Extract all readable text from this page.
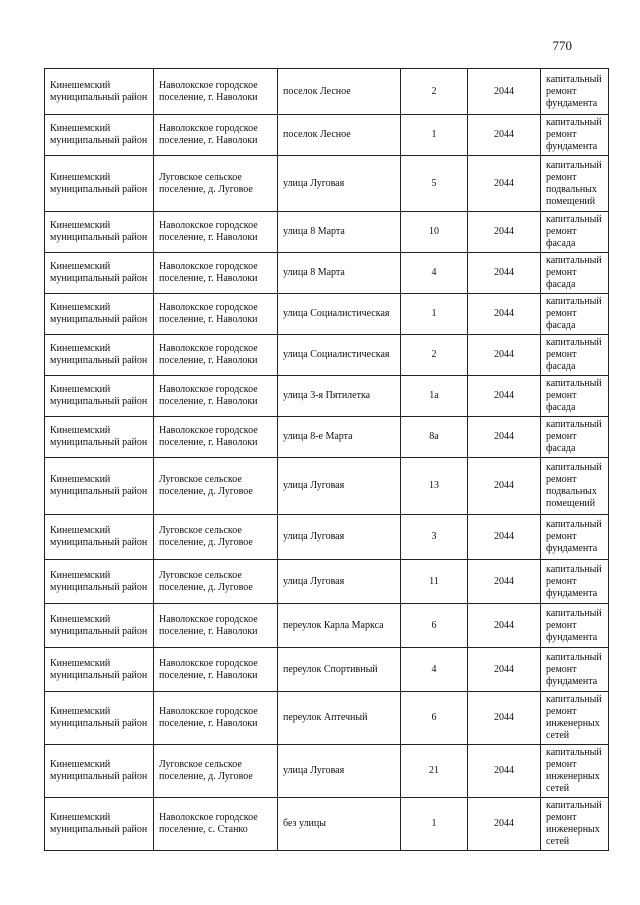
770
Кинешемский муниципальный район	Наволокское городское поселение, г. Наволоки	поселок Лесное	2	2044	капитальный ремонт фундамента
Кинешемский муниципальный район	Наволокское городское поселение, г. Наволоки	поселок Лесное	1	2044	капитальный ремонт фундамента
Кинешемский муниципальный район	Луговское сельское поселение, д. Луговое	улица Луговая	5	2044	капитальный ремонт подвальных помещений
Кинешемский муниципальный район	Наволокское городское поселение, г. Наволоки	улица 8 Марта	10	2044	капитальный ремонт фасада
Кинешемский муниципальный район	Наволокское городское поселение, г. Наволоки	улица 8 Марта	4	2044	капитальный ремонт фасада
Кинешемский муниципальный район	Наволокское городское поселение, г. Наволоки	улица Социалистическая	1	2044	капитальный ремонт фасада
Кинешемский муниципальный район	Наволокское городское поселение, г. Наволоки	улица Социалистическая	2	2044	капитальный ремонт фасада
Кинешемский муниципальный район	Наволокское городское поселение, г. Наволоки	улица 3-я Пятилетка	1а	2044	капитальный ремонт фасада
Кинешемский муниципальный район	Наволокское городское поселение, г. Наволоки	улица 8-е Марта	8а	2044	капитальный ремонт фасада
Кинешемский муниципальный район	Луговское сельское поселение, д. Луговое	улица Луговая	13	2044	капитальный ремонт подвальных помещений
Кинешемский муниципальный район	Луговское сельское поселение, д. Луговое	улица Луговая	3	2044	капитальный ремонт фундамента
Кинешемский муниципальный район	Луговское сельское поселение, д. Луговое	улица Луговая	11	2044	капитальный ремонт фундамента
Кинешемский муниципальный район	Наволокское городское поселение, г. Наволоки	переулок Карла Маркса	6	2044	капитальный ремонт фундамента
Кинешемский муниципальный район	Наволокское городское поселение, г. Наволоки	переулок Спортивный	4	2044	капитальный ремонт фундамента
Кинешемский муниципальный район	Наволокское городское поселение, г. Наволоки	переулок Аптечный	6	2044	капитальный ремонт инженерных сетей
Кинешемский муниципальный район	Луговское сельское поселение, д. Луговое	улица Луговая	21	2044	капитальный ремонт инженерных сетей
Кинешемский муниципальный район	Наволокское городское поселение, с. Станко	без улицы	1	2044	капитальный ремонт инженерных сетей
